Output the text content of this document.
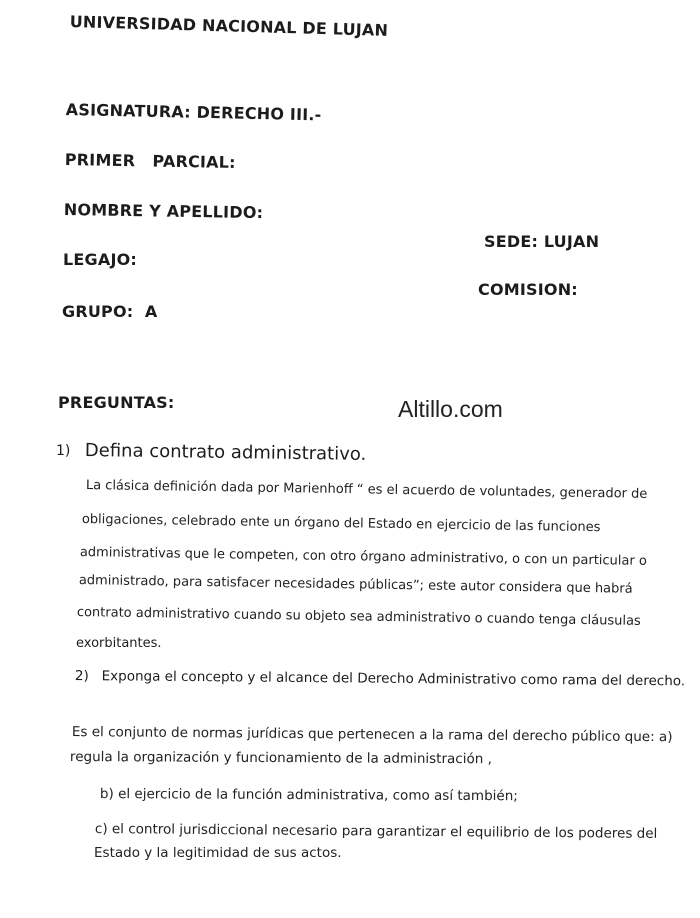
UNIVERSIDAD NACIONAL DE LUJAN
ASIGNATURA: DERECHO III.-
PRIMER   PARCIAL:
NOMBRE Y APELLIDO:
SEDE: LUJAN
LEGAJO:
COMISION:
GRUPO:  A
PREGUNTAS:	Altillo.com
1) Defina contrato administrativo.
La clásica definición dada por Marienhoff “ es el acuerdo de voluntades, generador de
obligaciones, celebrado ente un órgano del Estado en ejercicio de las funciones
administrativas que le competen, con otro órgano administrativo, o con un particular o
administrado, para satisfacer necesidades públicas”; este autor considera que habrá
contrato administrativo cuando su objeto sea administrativo o cuando tenga cláusulas
exorbitantes.
2) Exponga el concepto y el alcance del Derecho Administrativo como rama del derecho.
Es el conjunto de normas jurídicas que pertenecen a la rama del derecho público que: a)
regula la organización y funcionamiento de la administración ,
b) el ejercicio de la función administrativa, como así también;
c) el control jurisdiccional necesario para garantizar el equilibrio de los poderes del
Estado y la legitimidad de sus actos.
